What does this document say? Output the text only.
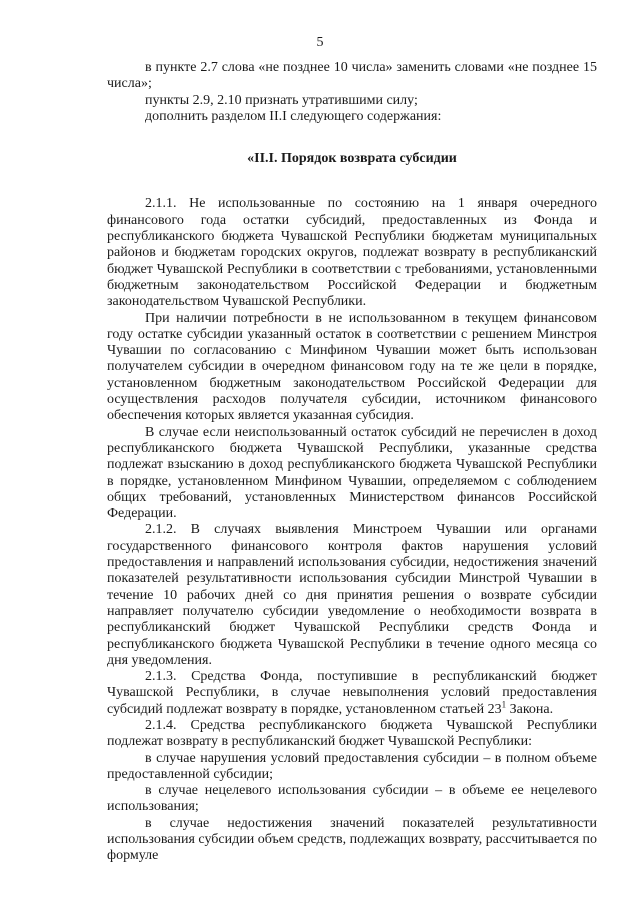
5

в пункте 2.7 слова «не позднее 10 числа» заменить словами «не позднее 15 числа»;

пункты 2.9, 2.10 признать утратившими силу;

дополнить разделом II.I следующего содержания:

«II.I. Порядок возврата субсидии

2.1.1. Не использованные по состоянию на 1 января очередного финансового года остатки субсидий, предоставленных из Фонда и республиканского бюджета Чувашской Республики бюджетам муниципальных районов и бюджетам городских округов, подлежат возврату в республиканский бюджет Чувашской Республики в соответствии с требованиями, установленными бюджетным законодательством Российской Федерации и бюджетным законодательством Чувашской Республики.

При наличии потребности в не использованном в текущем финансовом году остатке субсидии указанный остаток в соответствии с решением Минстроя Чувашии по согласованию с Минфином Чувашии может быть использован получателем субсидии в очередном финансовом году на те же цели в порядке, установленном бюджетным законодательством Российской Федерации для осуществления расходов получателя субсидии, источником финансового обеспечения которых является указанная субсидия.

В случае если неиспользованный остаток субсидий не перечислен в доход республиканского бюджета Чувашской Республики, указанные средства подлежат взысканию в доход республиканского бюджета Чувашской Республики в порядке, установленном Минфином Чувашии, определяемом с соблюдением общих требований, установленных Министерством финансов Российской Федерации.

2.1.2. В случаях выявления Минстроем Чувашии или органами государственного финансового контроля фактов нарушения условий предоставления и направлений использования субсидии, недостижения значений показателей результативности использования субсидии Минстрой Чувашии в течение 10 рабочих дней со дня принятия решения о возврате субсидии направляет получателю субсидии уведомление о необходимости возврата в республиканский бюджет Чувашской Республики средств Фонда и республиканского бюджета Чувашской Республики в течение одного месяца со дня уведомления.

2.1.3. Средства Фонда, поступившие в республиканский бюджет Чувашской Республики, в случае невыполнения условий предоставления субсидий подлежат возврату в порядке, установленном статьей $23^1$ Закона.

2.1.4. Средства республиканского бюджета Чувашской Республики подлежат возврату в республиканский бюджет Чувашской Республики:

в случае нарушения условий предоставления субсидии – в полном объеме предоставленной субсидии;

в случае нецелевого использования субсидии – в объеме ее нецелевого использования;

в случае недостижения значений показателей результативности использования субсидии объем средств, подлежащих возврату, рассчитывается по формуле
